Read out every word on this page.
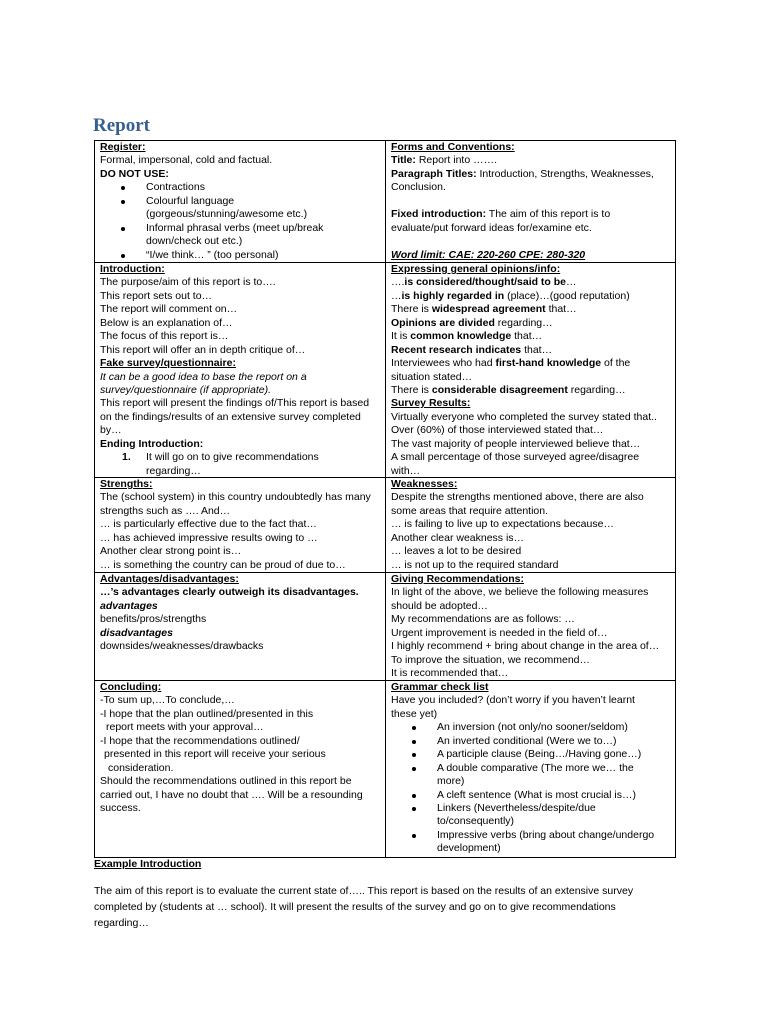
Report
Register:
Formal, impersonal, cold and factual.
DO NOT USE:
Contractions
Colourful language
(gorgeous/stunning/awesome etc.)
Informal phrasal verbs (meet up/break
down/check out etc.)
“I/we think… ” (too personal)
Forms and Conventions:
Title: Report into …….
Paragraph Titles: Introduction, Strengths, Weaknesses,
Conclusion.
Fixed introduction: The aim of this report is to
evaluate/put forward ideas for/examine etc.
Word limit: CAE: 220-260 CPE: 280-320
Introduction:
The purpose/aim of this report is to….
This report sets out to…
The report will comment on…
Below is an explanation of…
The focus of this report is…
This report will offer an in depth critique of…
Fake survey/questionnaire:
It can be a good idea to base the report on a
survey/questionnaire (if appropriate).
This report will present the findings of/This report is based
on the findings/results of an extensive survey completed
by…
Ending Introduction:
1. It will go on to give recommendations
regarding…
Expressing general opinions/info:
….is considered/thought/said to be…
…is highly regarded in (place)…(good reputation)
There is widespread agreement that…
Opinions are divided regarding…
It is common knowledge that…
Recent research indicates that…
Interviewees who had first-hand knowledge of the
situation stated…
There is considerable disagreement regarding…
Survey Results:
Virtually everyone who completed the survey stated that..
Over (60%) of those interviewed stated that…
The vast majority of people interviewed believe that…
A small percentage of those surveyed agree/disagree
with…
Strengths:
The (school system) in this country undoubtedly has many
strengths such as …. And…
… is particularly effective due to the fact that…
… has achieved impressive results owing to …
Another clear strong point is…
… is something the country can be proud of due to…
Weaknesses:
Despite the strengths mentioned above, there are also
some areas that require attention.
… is failing to live up to expectations because…
Another clear weakness is…
… leaves a lot to be desired
… is not up to the required standard
Advantages/disadvantages:
…’s advantages clearly outweigh its disadvantages.
advantages
benefits/pros/strengths
disadvantages
downsides/weaknesses/drawbacks
Giving Recommendations:
In light of the above, we believe the following measures
should be adopted…
My recommendations are as follows: …
Urgent improvement is needed in the field of…
I highly recommend + bring about change in the area of…
To improve the situation, we recommend…
It is recommended that…
Concluding:
-To sum up,…To conclude,…
-I hope that the plan outlined/presented in this
report meets with your approval…
-I hope that the recommendations outlined/
presented in this report will receive your serious
consideration.
Should the recommendations outlined in this report be
carried out, I have no doubt that …. Will be a resounding
success.
Grammar check list
Have you included? (don’t worry if you haven’t learnt
these yet)
An inversion (not only/no sooner/seldom)
An inverted conditional (Were we to…)
A participle clause (Being…/Having gone…)
A double comparative (The more we… the
more)
A cleft sentence (What is most crucial is…)
Linkers (Nevertheless/despite/due
to/consequently)
Impressive verbs (bring about change/undergo
development)
Example Introduction
The aim of this report is to evaluate the current state of….. This report is based on the results of an extensive survey
completed by (students at … school). It will present the results of the survey and go on to give recommendations
regarding…
